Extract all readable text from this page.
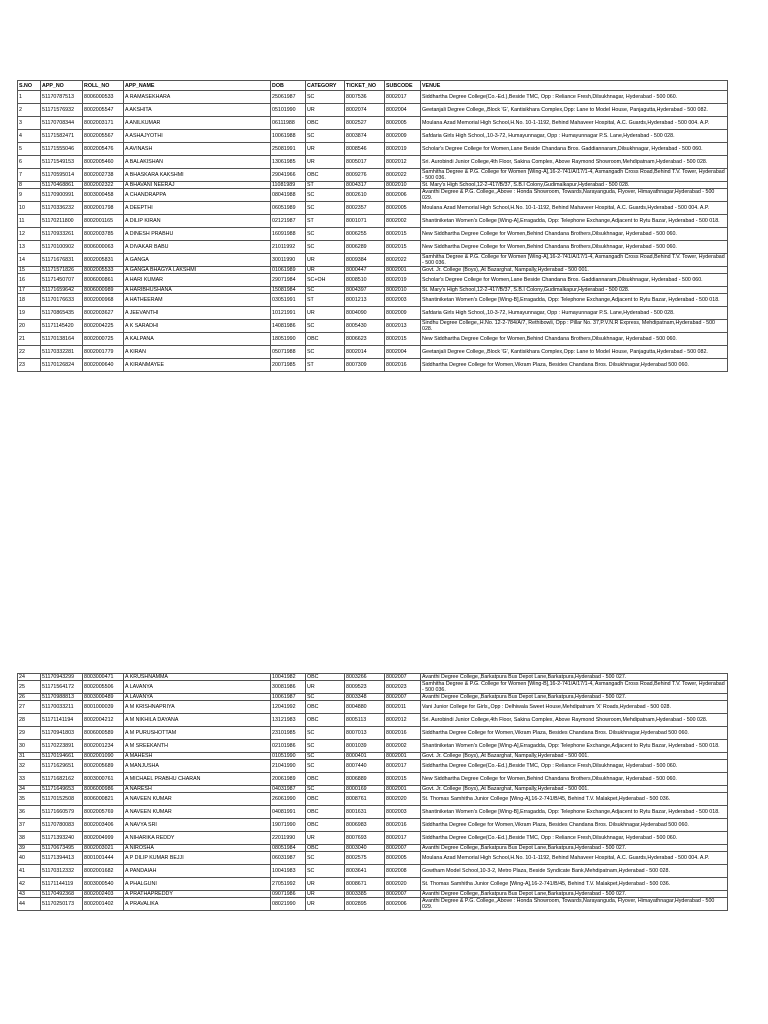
S.NO	APP_NO	ROLL_NO	APP_NAME	DOB	CATEGORY	TICKET_NO	SUBCODE	VENUE
1	51170787513	8006000533	A RAMASEKHARA	25061987	SC	8007536	8002017	Siddhartha Degree College(Co.-Ed.),Beside TMC, Opp : Reliance Fresh,Dilsukhnagar, Hyderabad - 500 060.
2	51171576932	8002005547	A AKSHITA	05101990	UR	8002074	8002004	Geetanjali Degree College,,Block 'G', Kantisikhara Complex,Opp: Lane to Model House, Panjagutta,Hyderabad - 500 082.
3	51170708344	8002003171	A ANILKUMAR	06111988	OBC	8002527	8002005	Moulana Azad Memorial High School,H.No. 10-1-1192, Behind Mahaveer Hospital, A.C. Guards,Hyderabad - 500 004. A.P.
4	51171582471	8002005567	A ASHAJYOTHI	10061988	SC	8003874	8002009	Safdaria Girls High School,,10-3-72, Humayunnagar, Opp : Humayunnagar P.S. Lane,Hyderabad - 500 028.
5	51171555046	8002005476	A AVINASH	25081991	UR	8008546	8002019	Scholar's Degree College for Women,Lane Beside Chandana Bros. Gaddiannaram,Dilsukhnagar, Hyderabad - 500 060.
6	51171549153	8002005460	A BALAKISHAN	13061985	UR	8005017	8002012	Sri. Aurobindi Junior College,4th Floor, Sakina Complex, Above Raymond Showroom,Mehdipatnam,Hyderabad - 500 028.
7	51170595014	8002002738	A BHASKARA KAKSHMI	29041966	OBC	8009276	8002022	Samhitha Degree & P.G. College for Women [Wing-A],16-2-741/A/17/1-4, Asmangadh Cross Road,Behind T.V. Tower, Hyderabad - 500 036.
8	51170468861	8002002322	A BHAVANI NEERAJ	11081989	ST	8004317	8002010	St. Mary's High School,12-2-417/B/37, S.B.I Colony,Gudimalkapur,Hyderabad - 500 028.
9	51170900991	8003000458	A CHANDRAPPA	08041988	SC	8002610	8002006	Avanthi Degree & P.G. College,,Above : Honda Showroom, Towards,Narayanguda, Flyover, Himayathnagar,Hyderabad - 500 029.
10	51170336232	8002001798	A DEEPTHI	06051989	SC	8002357	8002005	Moulana Azad Memorial High School,H.No. 10-1-1192, Behind Mahaveer Hospital, A.C. Guards,Hyderabad - 500 004. A.P.
11	51170211800	8002001165	A DILIP KIRAN	02121987	ST	8001071	8002002	Shantiniketan Women's College [Wing-A],Erragadda, Opp: Telephone Exchange,Adjacent to Rytu Bazar, Hyderabad - 500 018.
12	51170933261	8002003785	A DINESH PRABHU	16091988	SC	8006255	8002015	New Siddhartha Degree College for Women,Behind Chandana Brothers,Dilsukhnagar, Hyderabad - 500 060.
13	51170100902	8006000063	A DIVAKAR BABU	21011992	SC	8006289	8002015	New Siddhartha Degree College for Women,Behind Chandana Brothers,Dilsukhnagar, Hyderabad - 500 060.
14	51171676831	8002005831	A GANGA	30011990	UR	8009384	8002022	Samhitha Degree & P.G. College for Women [Wing-A],16-2-741/A/17/1-4, Asmangadh Cross Road,Behind T.V. Tower, Hyderabad - 500 036.
15	51171571826	8002005533	A GANGA BHAGYA LAKSHMI	01061989	UR	8000447	8002001	Govt. Jr. College (Boys),,At Bazarghat, Nampally,Hyderabad - 500 001.
16	51171450707	8006000861	A HARI KUMAR	29071984	SC+OH	8008510	8002019	Scholar's Degree College for Women,Lane Beside Chandana Bros. Gaddiannaram,Dilsukhnagar, Hyderabad - 500 060.
17	51171659642	8006000989	A HARIBHUSHANA	15081984	SC	8004397	8002010	St. Mary's High School,12-2-417/B/37, S.B.I Colony,Gudimalkapur,Hyderabad - 500 028.
18	51170176633	8002000968	A HATHEERAM	03051991	ST	8001213	8002003	Shantiniketan Women's College [Wing-B],Erragadda, Opp: Telephone Exchange,Adjacent to Rytu Bazar, Hyderabad - 500 018.
19	51170865435	8002003627	A JEEVANTHI	10121991	UR	8004090	8002009	Safdaria Girls High School,,10-3-72, Humayunnagar, Opp : Humayunnagar P.S. Lane,Hyderabad - 500 028.
20	51171145420	8002004225	A K SARADHI	14081986	SC	8005430	8002013	Sindhu Degree College,,H.No. 12-2-784/A/7, Rethibowli, Opp : Pillar No. 37,P.V.N.R Express, Mehdipatnam,Hyderabad - 500 028.
21	51170138164	8002000725	A KALPANA	18051990	OBC	8006623	8002015	New Siddhartha Degree College for Women,Behind Chandana Brothers,Dilsukhnagar, Hyderabad - 500 060.
22	51170332281	8002001779	A KIRAN	05071988	SC	8002014	8002004	Geetanjali Degree College,,Block 'G', Kantisikhara Complex,Opp: Lane to Model House, Panjagutta,Hyderabad - 500 082.
23	51170126824	8002000640	A KIRANMAYEE	20071985	ST	8007309	8002016	Siddhartha Degree College for Women,Vikram Plaza, Besides Chandana Bros. Dilsukhnagar,Hyderabad 500 060.
24	51170943299	8003000471	A KRUSHNAMMA	10041982	OBC	8003266	8002007	Avanthi Degree College,,Barkatpura Bus Depot Lane,Barkatpura,Hyderabad - 500 027.
25	51171564172	8002005506	A LAVANYA	30081986	UR	8009523	8002023	Samhitha Degree & P.G. College for Women [Wing-B],16-2-741/A/17/1-4, Asmangadh Cross Road,Behind T.V. Tower, Hyderabad - 500 036.
26	51170988813	8003000489	A LAVANYA	10061987	SC	8003348	8002007	Avanthi Degree College,,Barkatpura Bus Depot Lane,Barkatpura,Hyderabad - 500 027.
27	51170033211	8001000039	A M KRISHNAPRIYA	12041992	OBC	8004880	8002011	Vani Junior College for Girls,,Opp : Delhiwala Sweet House,Mehdipatnam 'X' Roads,Hyderabad - 500 028.
28	51171141194	8002004212	A M NIKHILA DAYANA	13121983	OBC	8005113	8002012	Sri. Aurobindi Junior College,4th Floor, Sakina Complex, Above Raymond Showroom,Mehdipatnam,Hyderabad - 500 028.
29	51170941803	8006000589	A M PURUSHOTTAM	23101985	SC	8007013	8002016	Siddhartha Degree College for Women,Vikram Plaza, Besides Chandana Bros. Dilsukhnagar,Hyderabad 500 060.
30	51170223891	8002001234	A M SREEKANTH	02101986	SC	8001039	8002002	Shantiniketan Women's College [Wing-A],Erragadda, Opp: Telephone Exchange,Adjacent to Rytu Bazar, Hyderabad - 500 018.
31	51170194661	8002001090	A MAHESH	01051990	SC	8000401	8002001	Govt. Jr. College (Boys),,At Bazarghat, Nampally,Hyderabad - 500 001.
32	51171629651	8002005689	A MANJUSHA	21041990	SC	8007440	8002017	Siddhartha Degree College(Co.-Ed.),Beside TMC, Opp : Reliance Fresh,Dilsukhnagar, Hyderabad - 500 060.
33	51171682162	8003000761	A MICHAEL PRABHU CHARAN	20061989	OBC	8006889	8002015	New Siddhartha Degree College for Women,Behind Chandana Brothers,Dilsukhnagar, Hyderabad - 500 060.
34	51171649653	8006000986	A NARESH	04031987	SC	8000169	8002001	Govt. Jr. College (Boys),,At Bazarghat, Nampally,Hyderabad - 500 001.
35	51170152508	8006000821	A NAVEEN KUMAR	26061990	OBC	8008761	8002020	St. Thomas Samhitha Junior College [Wing-A],16-2-741/B/45, Behind T.V. Malakpet,Hyderabad - 500 036.
36	51171660579	8002005769	A NAVEEN KUMAR	04081991	OBC	8001631	8002003	Shantiniketan Women's College [Wing-B],Erragadda, Opp: Telephone Exchange,Adjacent to Rytu Bazar, Hyderabad - 500 018.
37	51170780083	8002003406	A NAVYA SRI	19071990	OBC	8006983	8002016	Siddhartha Degree College for Women,Vikram Plaza, Besides Chandana Bros. Dilsukhnagar,Hyderabad 500 060.
38	51171393240	8002004999	A NIHARIKA REDDY	22011990	UR	8007693	8002017	Siddhartha Degree College(Co.-Ed.),Beside TMC, Opp : Reliance Fresh,Dilsukhnagar, Hyderabad - 500 060.
39	51170673495	8002003021	A NIROSHA	08051984	OBC	8003040	8002007	Avanthi Degree College,,Barkatpura Bus Depot Lane,Barkatpura,Hyderabad - 500 027.
40	51171394413	8001001444	A P DILIP KUMAR BEJJI	06031987	SC	8002575	8002005	Moulana Azad Memorial High School,H.No. 10-1-1192, Behind Mahaveer Hospital, A.C. Guards,Hyderabad - 500 004. A.P.
41	51170312332	8002001682	A PANDAIAH	10041983	SC	8003641	8002008	Gowtham Model School,10-3-2, Metro Plaza, Beside Syndicate Bank,Mehdipatnam,Hyderabad - 500 028.
42	51171144119	8003000540	A PHALGUNI	27051992	UR	8008671	8002020	St. Thomas Samhitha Junior College [Wing-A],16-2-741/B/45, Behind T.V. Malakpet,Hyderabad - 500 036.
43	51170492368	8002002403	A PRATHAPREDDY	09071986	UR	8003385	8002007	Avanthi Degree College,,Barkatpura Bus Depot Lane,Barkatpura,Hyderabad - 500 027.
44	51170250173	8002001402	A PRAVALIKA	08021990	UR	8002895	8002006	Avanthi Degree & P.G. College,,Above : Honda Showroom, Towards,Narayanguda, Flyover, Himayathnagar,Hyderabad - 500 029.
